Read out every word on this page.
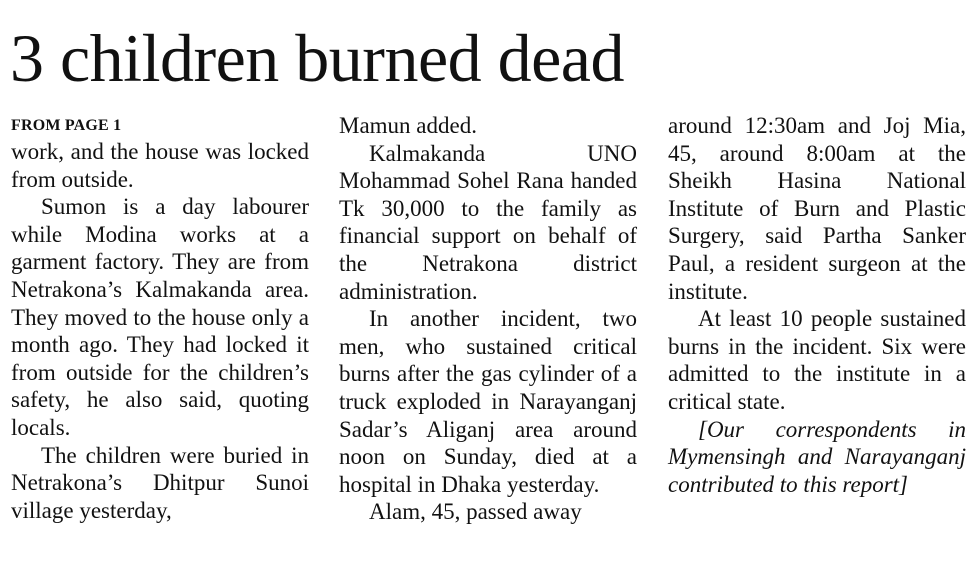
3 children burned dead
FROM PAGE 1

work, and the house was locked from outside.

Sumon is a day labourer while Modina works at a garment factory. They are from Netrakona’s Kalmakanda area. They moved to the house only a month ago. They had locked it from outside for the children’s safety, he also said, quoting locals.

The children were buried in Netrakona’s Dhitpur Sunoi village yesterday,

Mamun added.

Kalmakanda UNO Mohammad Sohel Rana handed Tk 30,000 to the family as financial support on behalf of the Netrakona district administration.

In another incident, two men, who sustained critical burns after the gas cylinder of a truck exploded in Narayanganj Sadar’s Aliganj area around noon on Sunday, died at a hospital in Dhaka yesterday.

Alam, 45, passed away

around 12:30am and Joj Mia, 45, around 8:00am at the Sheikh Hasina National Institute of Burn and Plastic Surgery, said Partha Sanker Paul, a resident surgeon at the institute.

At least 10 people sustained burns in the incident. Six were admitted to the institute in a critical state.

[Our correspondents in Mymensingh and Narayanganj contributed to this report]
